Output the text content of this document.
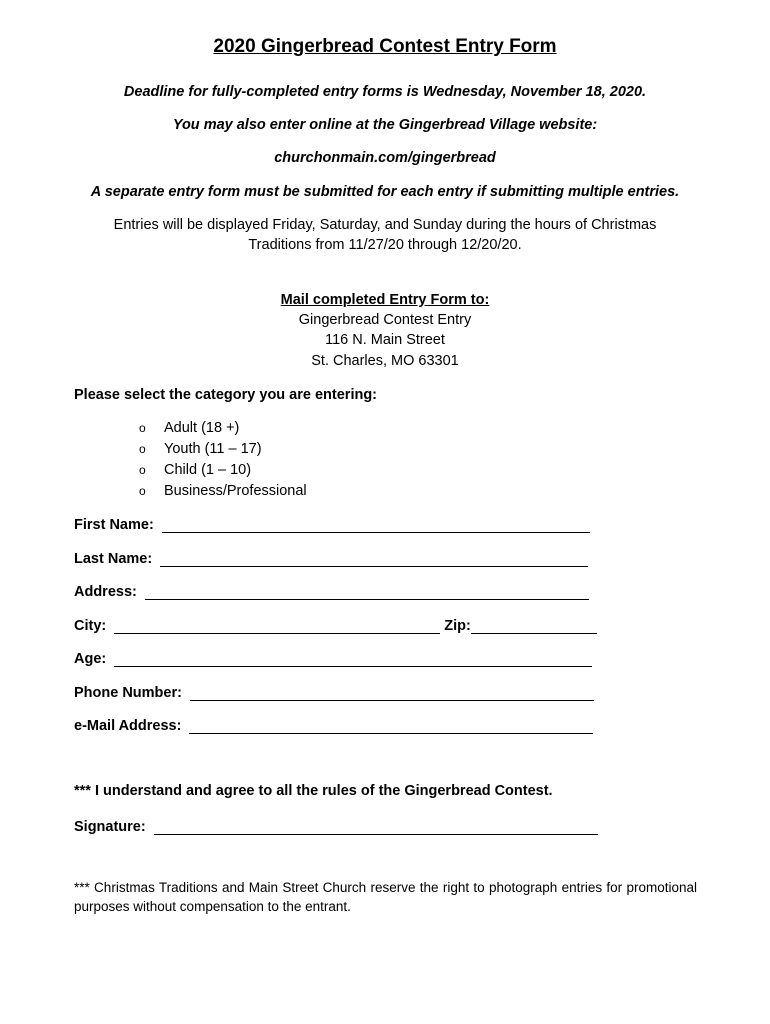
2020 Gingerbread Contest Entry Form
Deadline for fully-completed entry forms is Wednesday, November 18, 2020.
You may also enter online at the Gingerbread Village website:
churchonmain.com/gingerbread
A separate entry form must be submitted for each entry if submitting multiple entries.
Entries will be displayed Friday, Saturday, and Sunday during the hours of Christmas
Traditions from 11/27/20 through 12/20/20.
Mail completed Entry Form to:
Gingerbread Contest Entry
116 N. Main Street
St. Charles, MO 63301
Please select the category you are entering:
o	Adult (18 +)
o	Youth (11 – 17)
o	Child (1 – 10)
o	Business/Professional
First Name:
Last Name:
Address:
City:	Zip:
Age:
Phone Number:
e-Mail Address:
*** I understand and agree to all the rules of the Gingerbread Contest.
Signature:
*** Christmas Traditions and Main Street Church reserve the right to photograph entries for promotional purposes without compensation to the entrant.
